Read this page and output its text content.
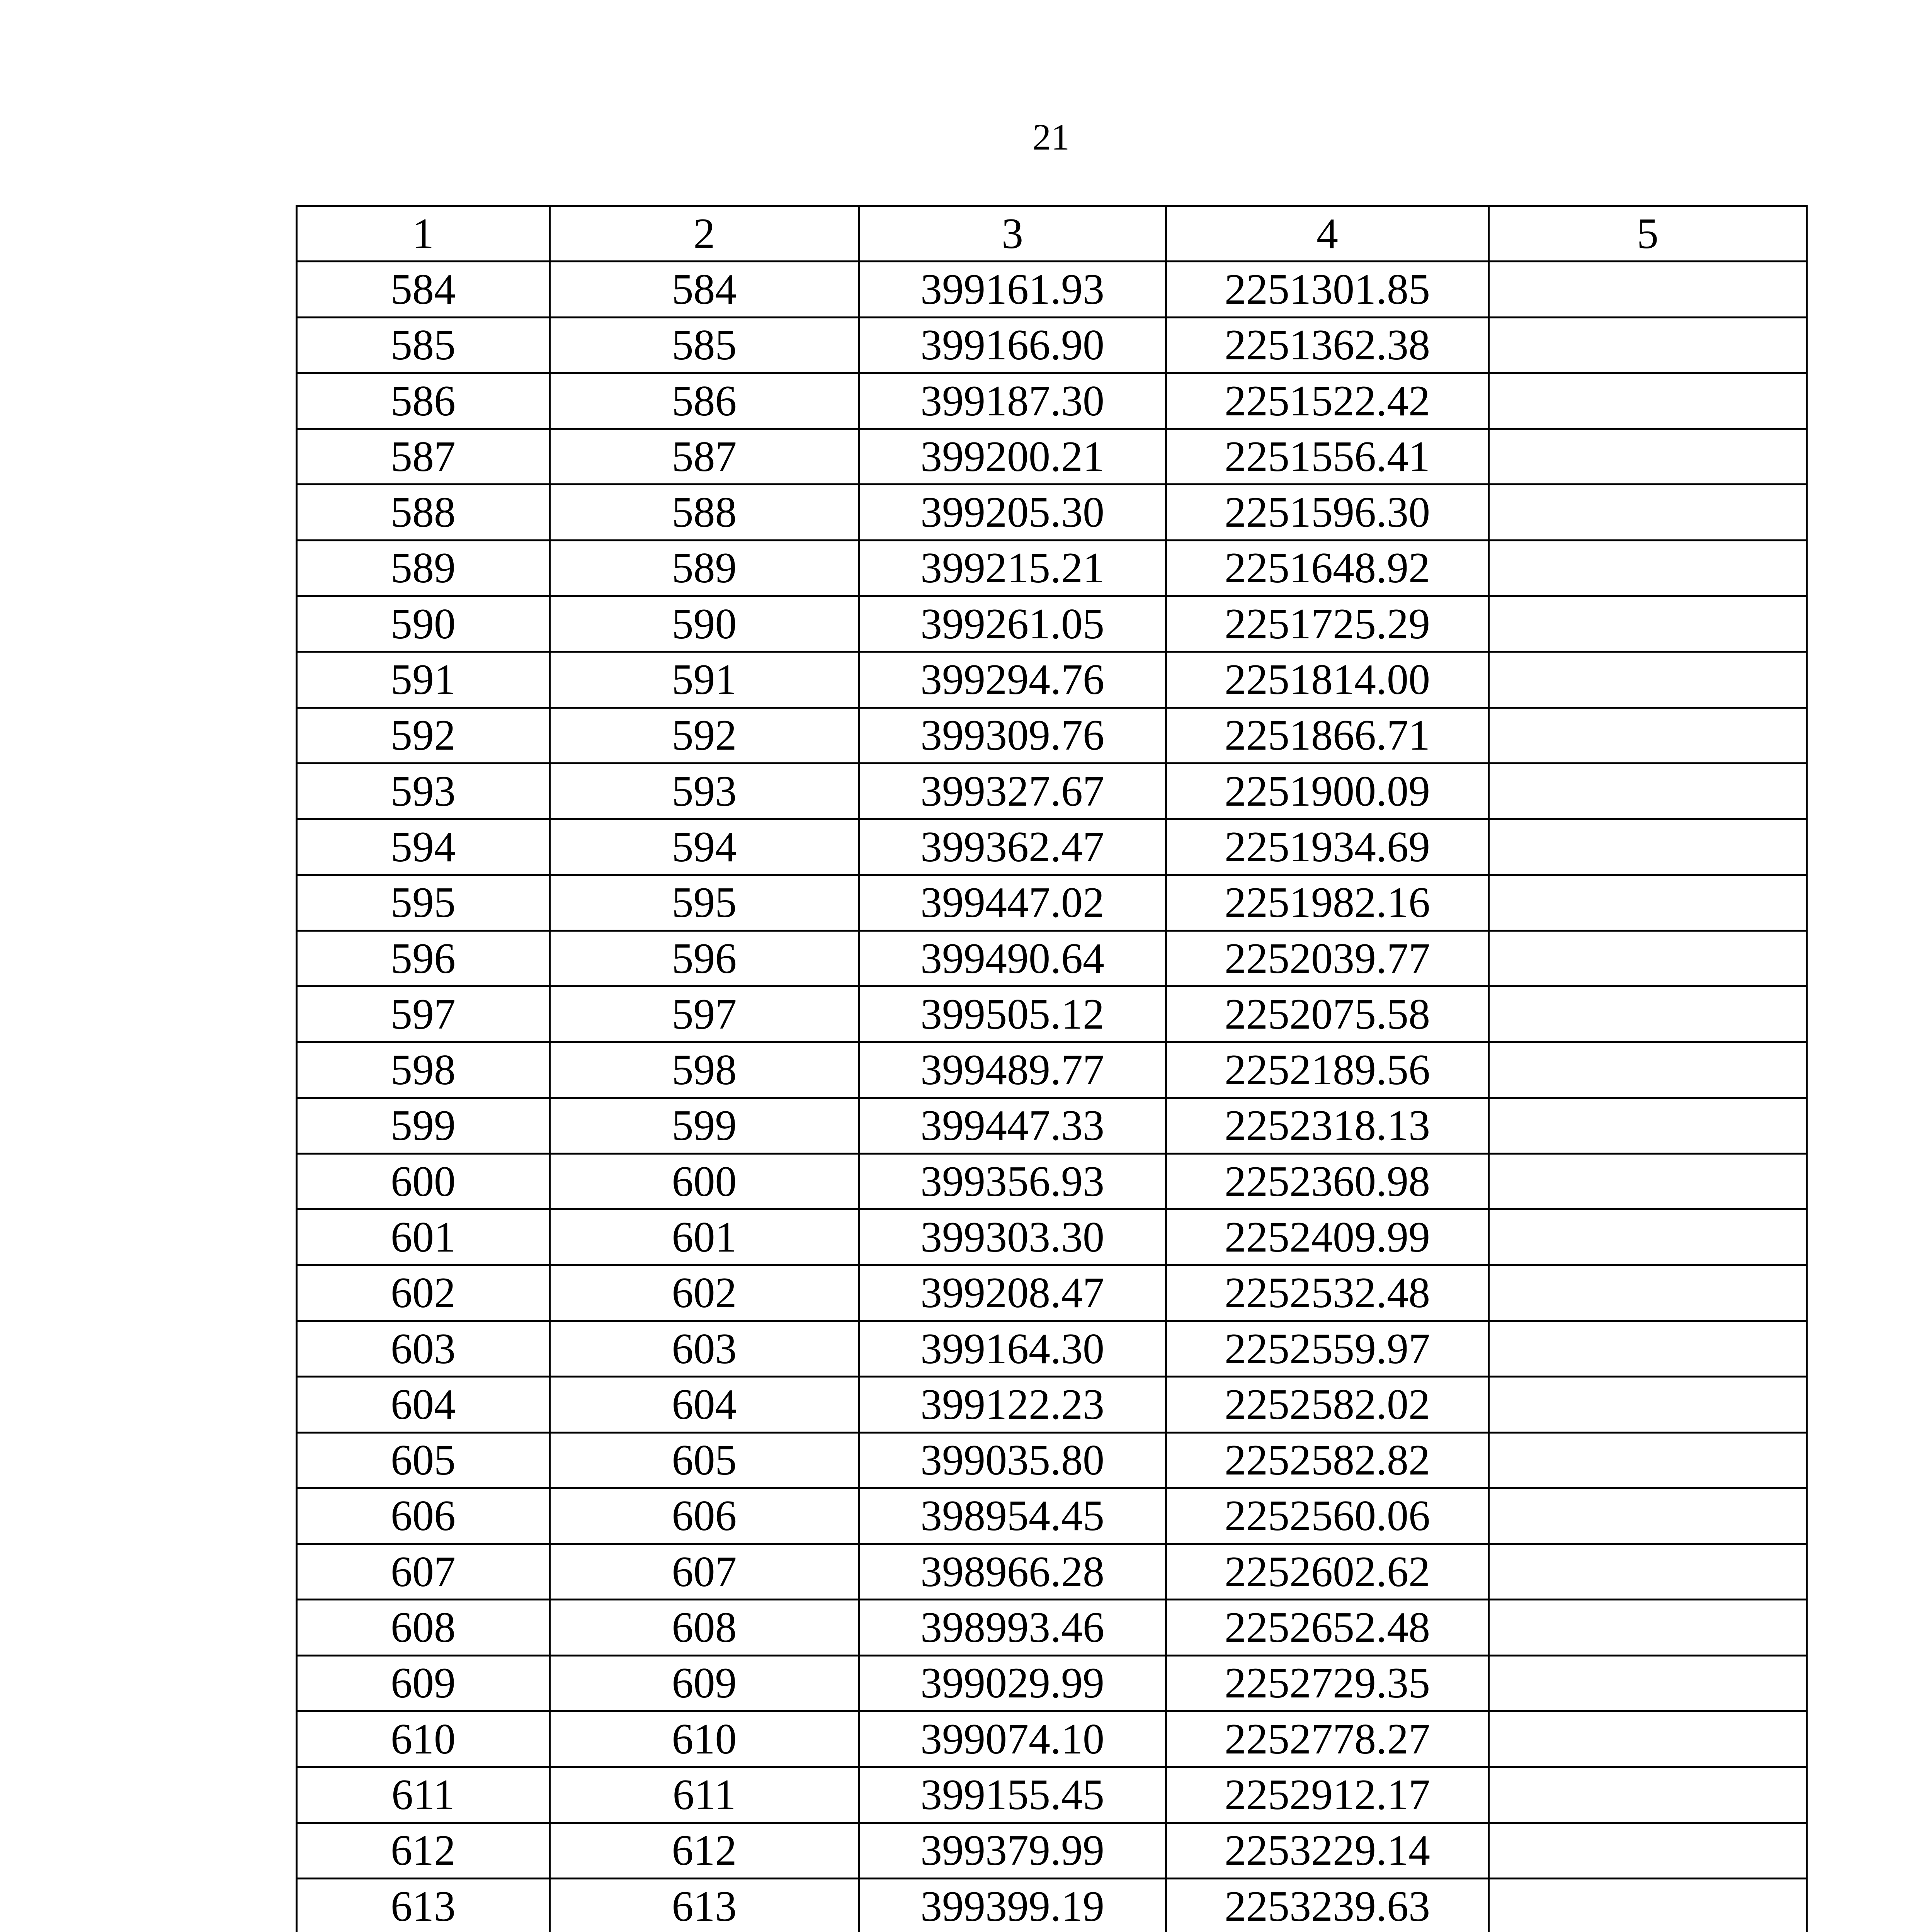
21
1	2	3	4	5
584	584	399161.93	2251301.85	
585	585	399166.90	2251362.38	
586	586	399187.30	2251522.42	
587	587	399200.21	2251556.41	
588	588	399205.30	2251596.30	
589	589	399215.21	2251648.92	
590	590	399261.05	2251725.29	
591	591	399294.76	2251814.00	
592	592	399309.76	2251866.71	
593	593	399327.67	2251900.09	
594	594	399362.47	2251934.69	
595	595	399447.02	2251982.16	
596	596	399490.64	2252039.77	
597	597	399505.12	2252075.58	
598	598	399489.77	2252189.56	
599	599	399447.33	2252318.13	
600	600	399356.93	2252360.98	
601	601	399303.30	2252409.99	
602	602	399208.47	2252532.48	
603	603	399164.30	2252559.97	
604	604	399122.23	2252582.02	
605	605	399035.80	2252582.82	
606	606	398954.45	2252560.06	
607	607	398966.28	2252602.62	
608	608	398993.46	2252652.48	
609	609	399029.99	2252729.35	
610	610	399074.10	2252778.27	
611	611	399155.45	2252912.17	
612	612	399379.99	2253229.14	
613	613	399399.19	2253239.63	
